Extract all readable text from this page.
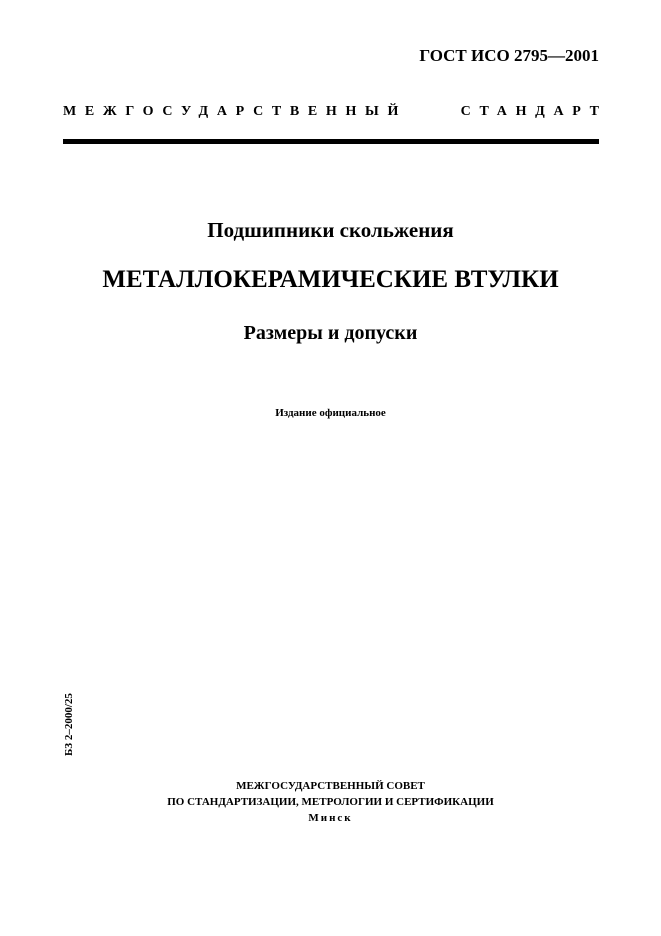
ГОСТ ИСО 2795—2001
МЕЖГОСУДАРСТВЕННЫЙ	СТАНДАРТ
Подшипники скольжения
МЕТАЛЛОКЕРАМИЧЕСКИЕ ВТУЛКИ
Размеры и допуски
Издание официальное
БЗ 2–2000/25
МЕЖГОСУДАРСТВЕННЫЙ СОВЕТ
ПО СТАНДАРТИЗАЦИИ, МЕТРОЛОГИИ И СЕРТИФИКАЦИИ
Минск
